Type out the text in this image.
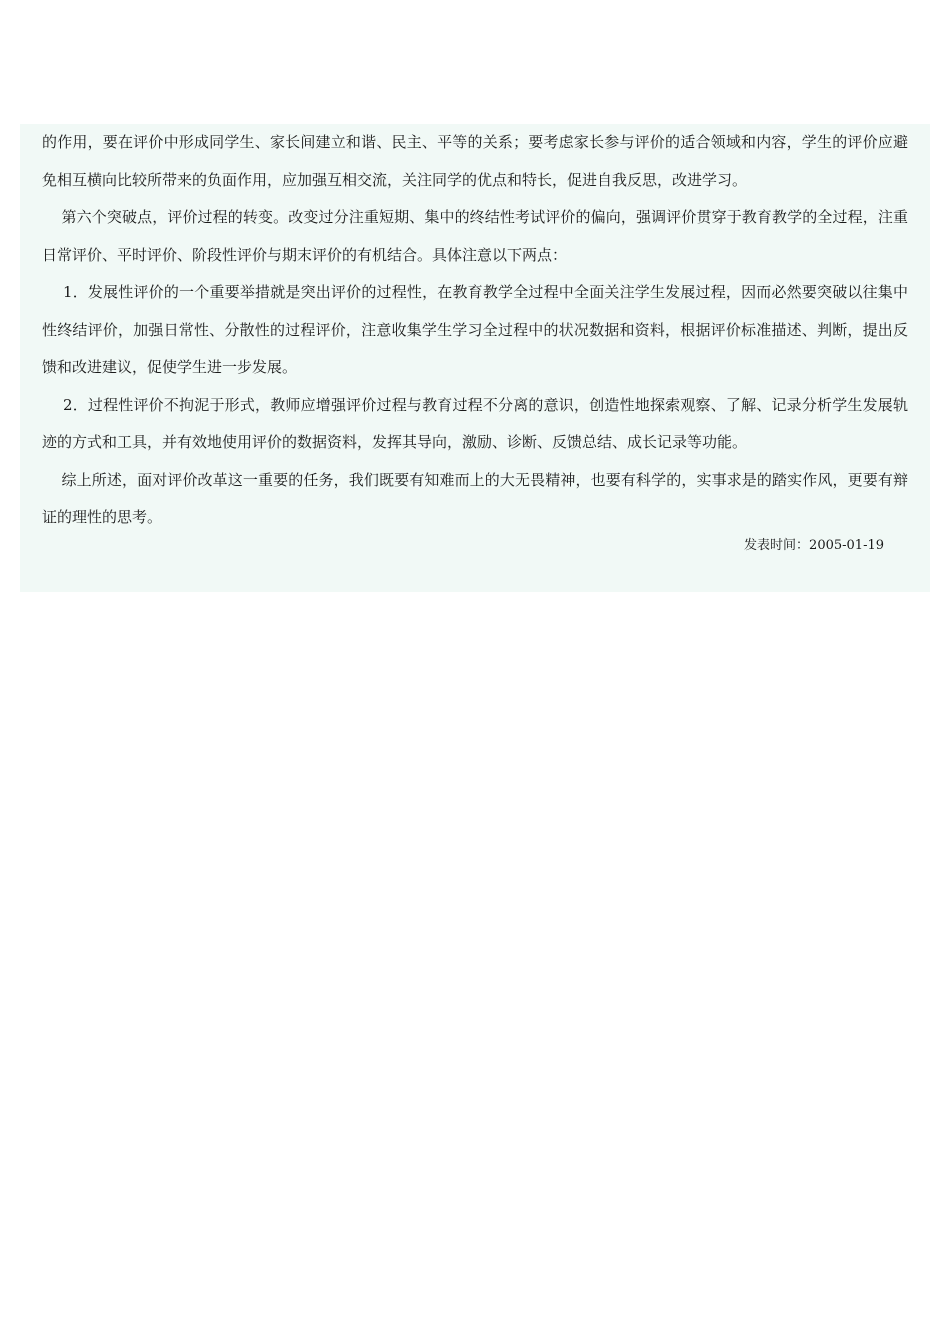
的作用，要在评价中形成同学生、家长间建立和谐、民主、平等的关系；要考虑家长参与评价的适合领域和内容，学生的评价应避免相互横向比较所带来的负面作用，应加强互相交流，关注同学的优点和特长，促进自我反思，改进学习。

第六个突破点，评价过程的转变。改变过分注重短期、集中的终结性考试评价的偏向，强调评价贯穿于教育教学的全过程，注重日常评价、平时评价、阶段性评价与期末评价的有机结合。具体注意以下两点：

1．发展性评价的一个重要举措就是突出评价的过程性，在教育教学全过程中全面关注学生发展过程，因而必然要突破以往集中性终结评价，加强日常性、分散性的过程评价，注意收集学生学习全过程中的状况数据和资料，根据评价标准描述、判断，提出反馈和改进建议，促使学生进一步发展。

2．过程性评价不拘泥于形式，教师应增强评价过程与教育过程不分离的意识，创造性地探索观察、了解、记录分析学生发展轨迹的方式和工具，并有效地使用评价的数据资料，发挥其导向，激励、诊断、反馈总结、成长记录等功能。

综上所述，面对评价改革这一重要的任务，我们既要有知难而上的大无畏精神，也要有科学的，实事求是的踏实作风，更要有辩证的理性的思考。

发表时间：2005-01-19
